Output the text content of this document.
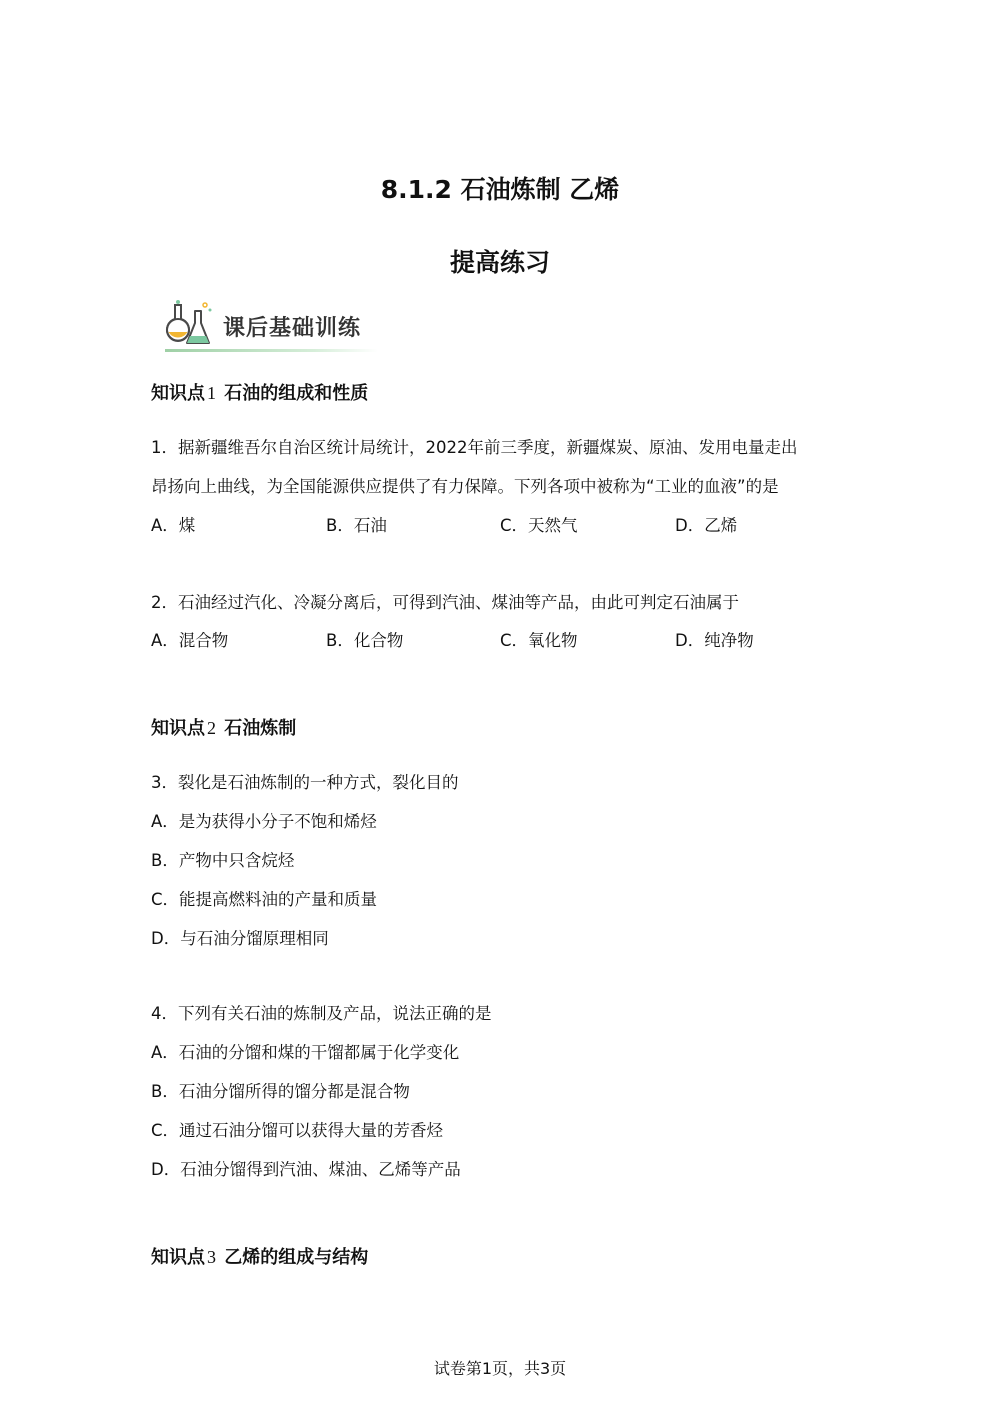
8.1.2 石油炼制 乙烯
提高练习
课后基础训练
知识点 1 石油的组成和性质
1．据新疆维吾尔自治区统计局统计，2022年前三季度，新疆煤炭、原油、发用电量走出
昂扬向上曲线，为全国能源供应提供了有力保障。下列各项中被称为“工业的血液”的是
A．煤	B．石油	C．天然气	D．乙烯
2．石油经过汽化、冷凝分离后，可得到汽油、煤油等产品，由此可判定石油属于
A．混合物	B．化合物	C．氧化物	D．纯净物
知识点 2 石油炼制
3．裂化是石油炼制的一种方式，裂化目的
A．是为获得小分子不饱和烯烃
B．产物中只含烷烃
C．能提高燃料油的产量和质量
D．与石油分馏原理相同
4．下列有关石油的炼制及产品，说法正确的是
A．石油的分馏和煤的干馏都属于化学变化
B．石油分馏所得的馏分都是混合物
C．通过石油分馏可以获得大量的芳香烃
D．石油分馏得到汽油、煤油、乙烯等产品
知识点 3 乙烯的组成与结构
试卷第1页，共3页
